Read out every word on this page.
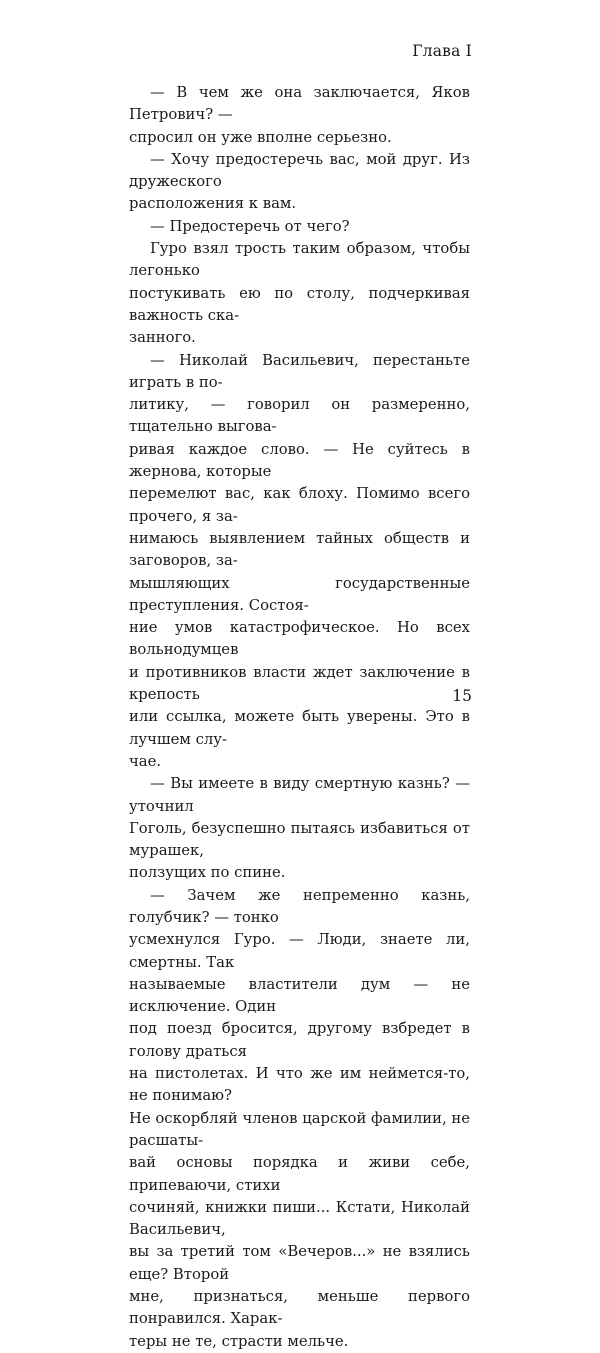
Глава I

— В чем же она заключается, Яков Петрович? —
спросил он уже вполне серьезно.

— Хочу предостеречь вас, мой друг. Из дружеского
расположения к вам.

— Предостеречь от чего?

Гуро взял трость таким образом, чтобы легонько
постукивать ею по столу, подчеркивая важность ска-
занного.

— Николай Васильевич, перестаньте играть в по-
литику, — говорил он размеренно, тщательно выгова-
ривая каждое слово. — Не суйтесь в жернова, которые
перемелют вас, как блоху. Помимо всего прочего, я за-
нимаюсь выявлением тайных обществ и заговоров, за-
мышляющих государственные преступления. Состоя-
ние умов катастрофическое. Но всех вольнодумцев
и противников власти ждет заключение в крепость
или ссылка, можете быть уверены. Это в лучшем слу-
чае.

— Вы имеете в виду смертную казнь? — уточнил
Гоголь, безуспешно пытаясь избавиться от мурашек,
ползущих по спине.

— Зачем же непременно казнь, голубчик? — тонко
усмехнулся Гуро. — Люди, знаете ли, смертны. Так
называемые властители дум — не исключение. Один
под поезд бросится, другому взбредет в голову драться
на пистолетах. И что же им неймется-то, не понимаю?
Не оскорбляй членов царской фамилии, не расшаты-
вай основы порядка и живи себе, припеваючи, стихи
сочиняй, книжки пиши... Кстати, Николай Васильевич,
вы за третий том «Вечеров...» не взялись еще? Второй
мне, признаться, меньше первого понравился. Харак-
теры не те, страсти мельче.

15
